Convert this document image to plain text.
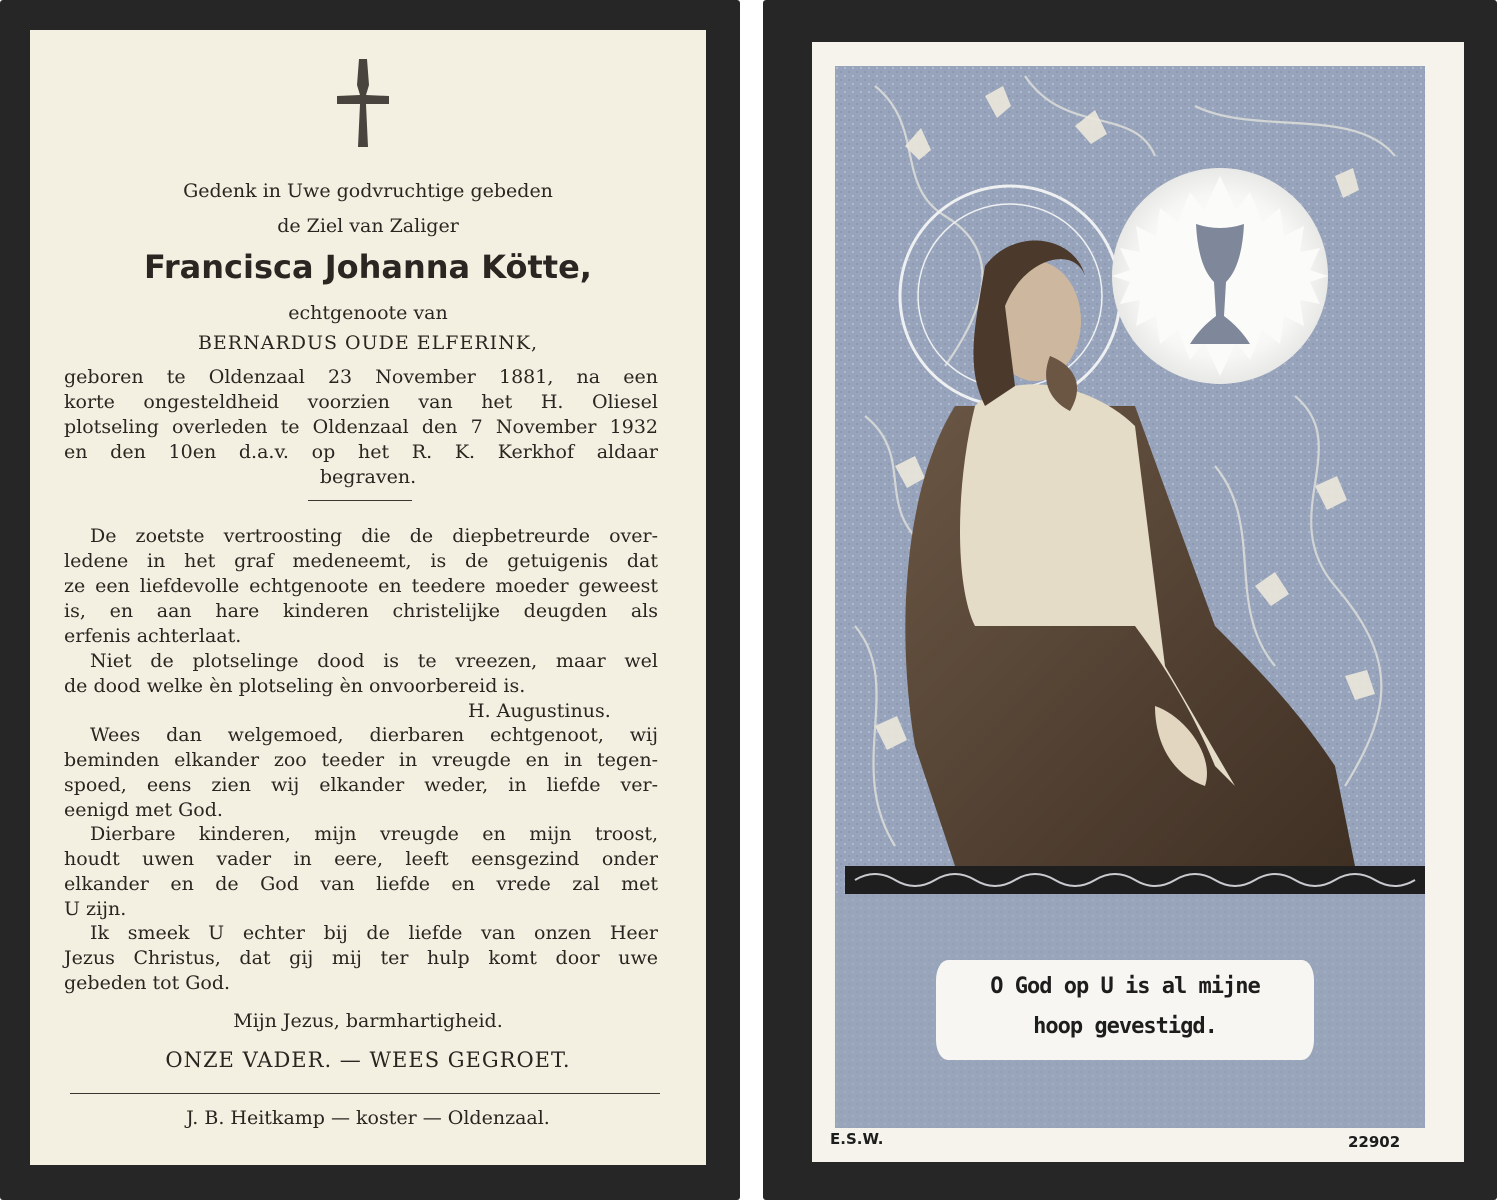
Gedenk in Uwe godvruchtige gebeden
de Ziel van Zaliger
Francisca Johanna Kötte,
echtgenoote van
BERNARDUS OUDE ELFERINK,
geboren te Oldenzaal 23 November 1881, na een
korte ongesteldheid voorzien van het H. Oliesel
plotseling overleden te Oldenzaal den 7 November 1932
en den 10en d.a.v. op het R. K. Kerkhof aldaar
begraven.
De zoetste vertroosting die de diepbetreurde over-
ledene in het graf medeneemt, is de getuigenis dat
ze een liefdevolle echtgenoote en teedere moeder geweest
is, en aan hare kinderen christelijke deugden als
erfenis achterlaat.
Niet de plotselinge dood is te vreezen, maar wel
de dood welke èn plotseling èn onvoorbereid is.
H. Augustinus.
Wees dan welgemoed, dierbaren echtgenoot, wij
beminden elkander zoo teeder in vreugde en in tegen-
spoed, eens zien wij elkander weder, in liefde ver-
eenigd met God.
Dierbare kinderen, mijn vreugde en mijn troost,
houdt uwen vader in eere, leeft eensgezind onder
elkander en de God van liefde en vrede zal met
U zijn.
Ik smeek U echter bij de liefde van onzen Heer
Jezus Christus, dat gij mij ter hulp komt door uwe
gebeden tot God.
Mijn Jezus, barmhartigheid.
ONZE VADER. — WEES GEGROET.
J. B. Heitkamp — koster — Oldenzaal.
O God op U is al mijne
hoop gevestigd.
E.S.W.	22902
